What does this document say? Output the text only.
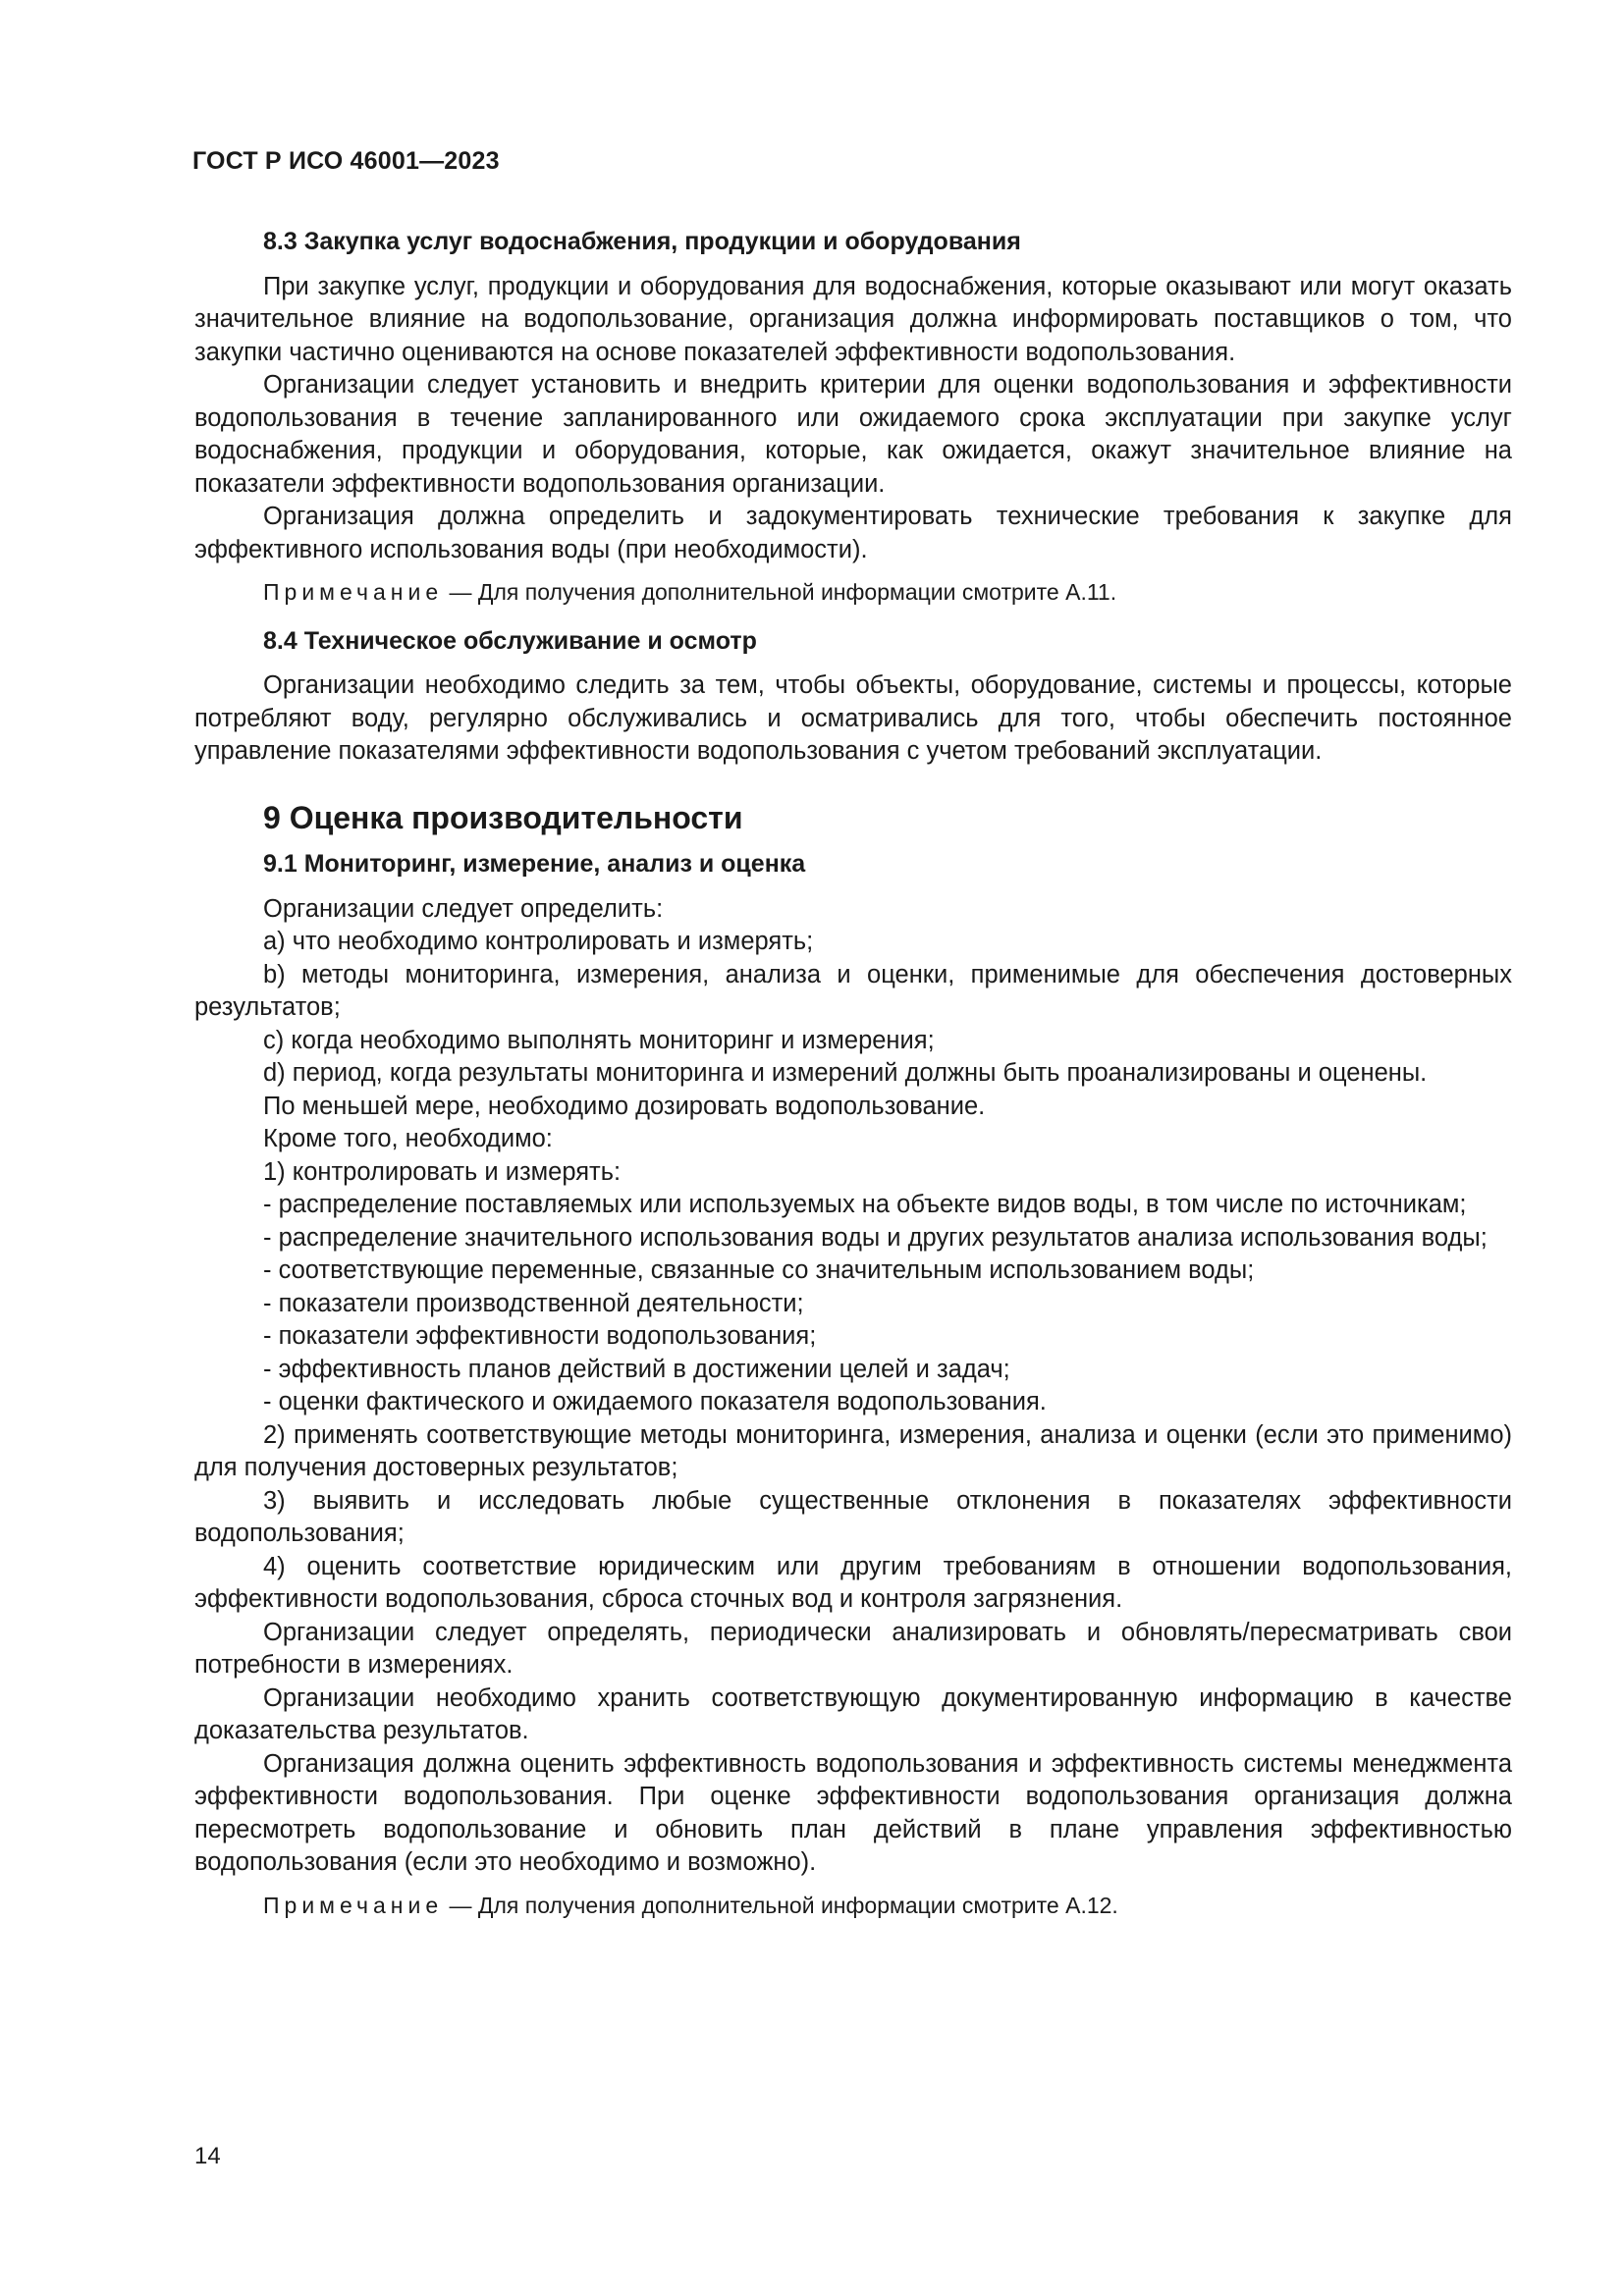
ГОСТ Р ИСО 46001—2023
8.3 Закупка услуг водоснабжения, продукции и оборудования

При закупке услуг, продукции и оборудования для водоснабжения, которые оказывают или могут оказать значительное влияние на водопользование, организация должна информировать поставщиков о том, что закупки частично оцениваются на основе показателей эффективности водопользования.

Организации следует установить и внедрить критерии для оценки водопользования и эффективности водопользования в течение запланированного или ожидаемого срока эксплуатации при закупке услуг водоснабжения, продукции и оборудования, которые, как ожидается, окажут значительное влияние на показатели эффективности водопользования организации.

Организация должна определить и задокументировать технические требования к закупке для эффективного использования воды (при необходимости).

Примечание — Для получения дополнительной информации смотрите А.11.
8.4 Техническое обслуживание и осмотр

Организации необходимо следить за тем, чтобы объекты, оборудование, системы и процессы, которые потребляют воду, регулярно обслуживались и осматривались для того, чтобы обеспечить постоянное управление показателями эффективности водопользования с учетом требований эксплуатации.

9 Оценка производительности
9.1 Мониторинг, измерение, анализ и оценка

Организации следует определить:

а) что необходимо контролировать и измерять;

b) методы мониторинга, измерения, анализа и оценки, применимые для обеспечения достоверных результатов;

c) когда необходимо выполнять мониторинг и измерения;

d) период, когда результаты мониторинга и измерений должны быть проанализированы и оценены.

По меньшей мере, необходимо дозировать водопользование.

Кроме того, необходимо:

1) контролировать и измерять:

- распределение поставляемых или используемых на объекте видов воды, в том числе по источникам;

- распределение значительного использования воды и других результатов анализа использования воды;

- соответствующие переменные, связанные со значительным использованием воды;

- показатели производственной деятельности;

- показатели эффективности водопользования;

- эффективность планов действий в достижении целей и задач;

- оценки фактического и ожидаемого показателя водопользования.

2) применять соответствующие методы мониторинга, измерения, анализа и оценки (если это применимо) для получения достоверных результатов;

3) выявить и исследовать любые существенные отклонения в показателях эффективности водопользования;

4) оценить соответствие юридическим или другим требованиям в отношении водопользования, эффективности водопользования, сброса сточных вод и контроля загрязнения.

Организации следует определять, периодически анализировать и обновлять/пересматривать свои потребности в измерениях.

Организации необходимо хранить соответствующую документированную информацию в качестве доказательства результатов.

Организация должна оценить эффективность водопользования и эффективность системы менеджмента эффективности водопользования. При оценке эффективности водопользования организация должна пересмотреть водопользование и обновить план действий в плане управления эффективностью водопользования (если это необходимо и возможно).

Примечание — Для получения дополнительной информации смотрите А.12.
14
